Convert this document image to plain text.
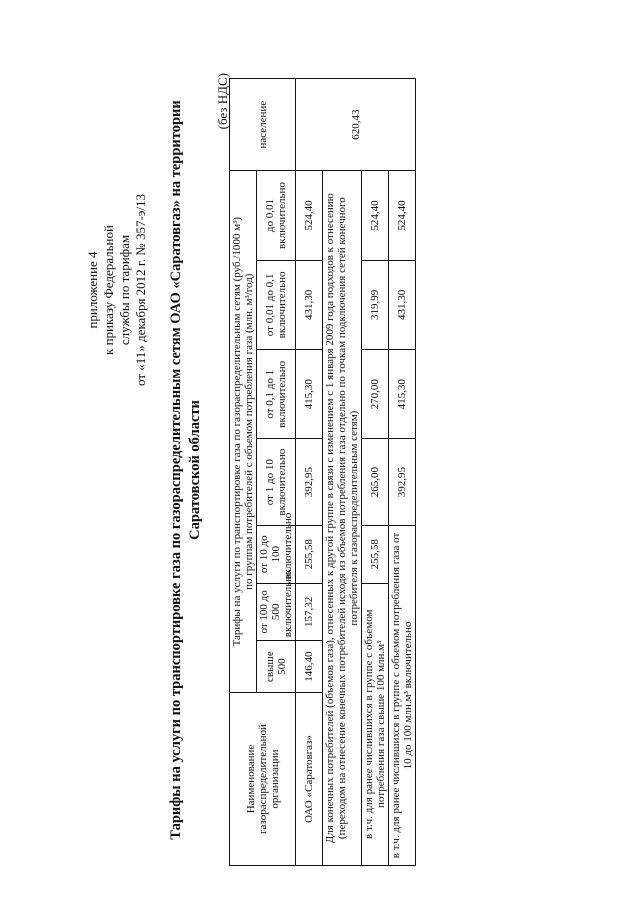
приложение 4 к приказу Федеральной службы по тарифам от «11» декабря 2012 г. № 357-э/13 Тарифы на услуги по транспортировке газа по газораспределительным сетям ОАО «Саратовгаз» на территории Саратовской области
(без НДС)
Наименование газораспределительной организации	Тарифы на услуги по транспортировке газа по газораспределительным сетям (руб./1000 м³) по группам потребителей с объемом потребления газа (млн. м³/год)							население
	свыше 500	от 100 до 500 включительно	от 10 до 100 включительно	от 1 до 10 включительно	от 0,1 до 1 включительно	от 0,01 до 0,1 включительно	до 0,01 включительно	
ОАО «Саратовгаз»	146,40	157,32	255,58	392,95	415,30	431,30	524,40	620,43
Для конечных потребителей (объемов газа), отнесенных к другой группе в связи с изменением с 1 января 2009 года подходов к отнесению (переходом на отнесение конечных потребителей исходя из объемов потребления газа отдельно по точкам подключения сетей конечного потребителя к газораспределительным сетям)								
в т.ч. для ранее числившихся в группе с объемом потребления газа свыше 100 млн.м³			255,58	265,00	270,00	319,99	524,40	
в т.ч. для ранее числившихся в группе с объемом потребления газа от 10 до 100 млн.м³ включительно				392,95	415,30	431,30	524,40	
